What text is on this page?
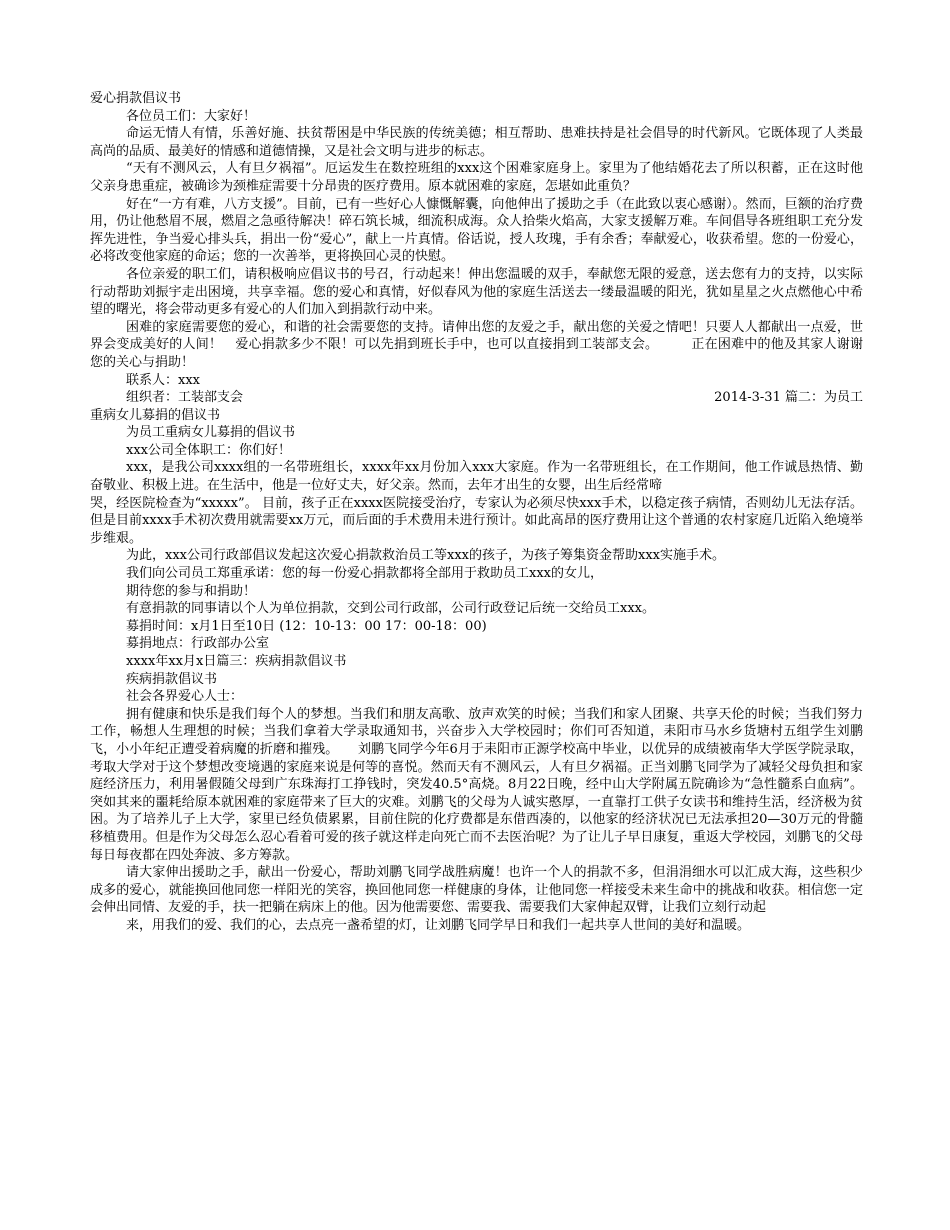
爱心捐款倡议书

各位员工们：大家好！

命运无情人有情，乐善好施、扶贫帮困是中华民族的传统美德；相互帮助、患难扶持是社会倡导的时代新风。它既体现了人类最高尚的品质、最美好的情感和道德情操，又是社会文明与进步的标志。

“天有不测风云，人有旦夕祸福”。厄运发生在数控班组的xxx这个困难家庭身上。家里为了他结婚花去了所以积蓄，正在这时他父亲身患重症，被确诊为颈椎症需要十分昂贵的医疗费用。原本就困难的家庭，怎堪如此重负？

好在“一方有难，八方支援”。目前，已有一些好心人慷慨解囊，向他伸出了援助之手（在此致以衷心感谢）。然而，巨额的治疗费用，仍让他愁眉不展，燃眉之急亟待解决！碎石筑长城，细流积成海。众人拾柴火焰高，大家支援解万难。车间倡导各班组职工充分发挥先进性，争当爱心排头兵，捐出一份“爱心”，献上一片真情。俗话说，授人玫瑰，手有余香；奉献爱心，收获希望。您的一份爱心，必将改变他家庭的命运；您的一次善举，更将换回心灵的快慰。

各位亲爱的职工们，请积极响应倡议书的号召，行动起来！伸出您温暖的双手，奉献您无限的爱意，送去您有力的支持，以实际行动帮助刘振宇走出困境，共享幸福。您的爱心和真情，好似春风为他的家庭生活送去一缕最温暖的阳光，犹如星星之火点燃他心中希望的曙光，将会带动更多有爱心的人们加入到捐款行动中来。

困难的家庭需要您的爱心，和谐的社会需要您的支持。请伸出您的友爱之手，献出您的关爱之情吧！只要人人都献出一点爱，世界会变成美好的人间！　爱心捐款多少不限！可以先捐到班长手中，也可以直接捐到工装部支会。　　　正在困难中的他及其家人谢谢您的关心与捐助！

联系人：xxx

2014-3-31 篇二：为员工
组织者：工装部支会

重病女儿募捐的倡议书

为员工重病女儿募捐的倡议书

xxx公司全体职工：你们好！

xxx，是我公司xxxx组的一名带班组长，xxxx年xx月份加入xxx大家庭。作为一名带班组长，在工作期间，他工作诚恳热情、勤奋敬业、积极上进。在生活中，他是一位好丈夫，好父亲。然而，去年才出生的女婴，出生后经常啼

哭，经医院检查为“xxxxx”。 目前，孩子正在xxxx医院接受治疗，专家认为必须尽快xxx手术，以稳定孩子病情，否则幼儿无法存活。但是目前xxxx手术初次费用就需要xx万元，而后面的手术费用未进行预计。如此高昂的医疗费用让这个普通的农村家庭几近陷入绝境举步维艰。

为此，xxx公司行政部倡议发起这次爱心捐款救治员工等xxx的孩子，为孩子筹集资金帮助xxx实施手术。

我们向公司员工郑重承诺：您的每一份爱心捐款都将全部用于救助员工xxx的女儿，

期待您的参与和捐助！

有意捐款的同事请以个人为单位捐款，交到公司行政部，公司行政登记后统一交给员工xxx。

募捐时间：x月1日至10日 (12：10-13：00 17：00-18：00)

募捐地点：行政部办公室

xxxx年xx月x日篇三：疾病捐款倡议书

疾病捐款倡议书

社会各界爱心人士：

拥有健康和快乐是我们每个人的梦想。当我们和朋友高歌、放声欢笑的时候；当我们和家人团聚、共享天伦的时候；当我们努力工作，畅想人生理想的时候；当我们拿着大学录取通知书，兴奋步入大学校园时；你们可否知道，耒阳市马水乡货塘村五组学生刘鹏飞，小小年纪正遭受着病魔的折磨和摧残。　　刘鹏飞同学今年6月于耒阳市正源学校高中毕业，以优异的成绩被南华大学医学院录取，考取大学对于这个梦想改变境遇的家庭来说是何等的喜悦。然而天有不测风云，人有旦夕祸福。正当刘鹏飞同学为了减轻父母负担和家庭经济压力，利用暑假随父母到广东珠海打工挣钱时，突发40.5°高烧。8月22日晚，经中山大学附属五院确诊为“急性髓系白血病”。突如其来的噩耗给原本就困难的家庭带来了巨大的灾难。刘鹏飞的父母为人诚实憨厚，一直靠打工供子女读书和维持生活，经济极为贫困。为了培养儿子上大学，家里已经负债累累，目前住院的化疗费都是东借西凑的，以他家的经济状况已无法承担20—30万元的骨髓移植费用。但是作为父母怎么忍心看着可爱的孩子就这样走向死亡而不去医治呢？为了让儿子早日康复，重返大学校园，刘鹏飞的父母每日每夜都在四处奔波、多方筹款。

请大家伸出援助之手，献出一份爱心，帮助刘鹏飞同学战胜病魔！也许一个人的捐款不多，但涓涓细水可以汇成大海，这些积少成多的爱心，就能换回他同您一样阳光的笑容，换回他同您一样健康的身体，让他同您一样接受未来生命中的挑战和收获。相信您一定会伸出同情、友爱的手，扶一把躺在病床上的他。因为他需要您、需要我、需要我们大家伸起双臂，让我们立刻行动起

来，用我们的爱、我们的心，去点亮一盏希望的灯，让刘鹏飞同学早日和我们一起共享人世间的美好和温暖。
